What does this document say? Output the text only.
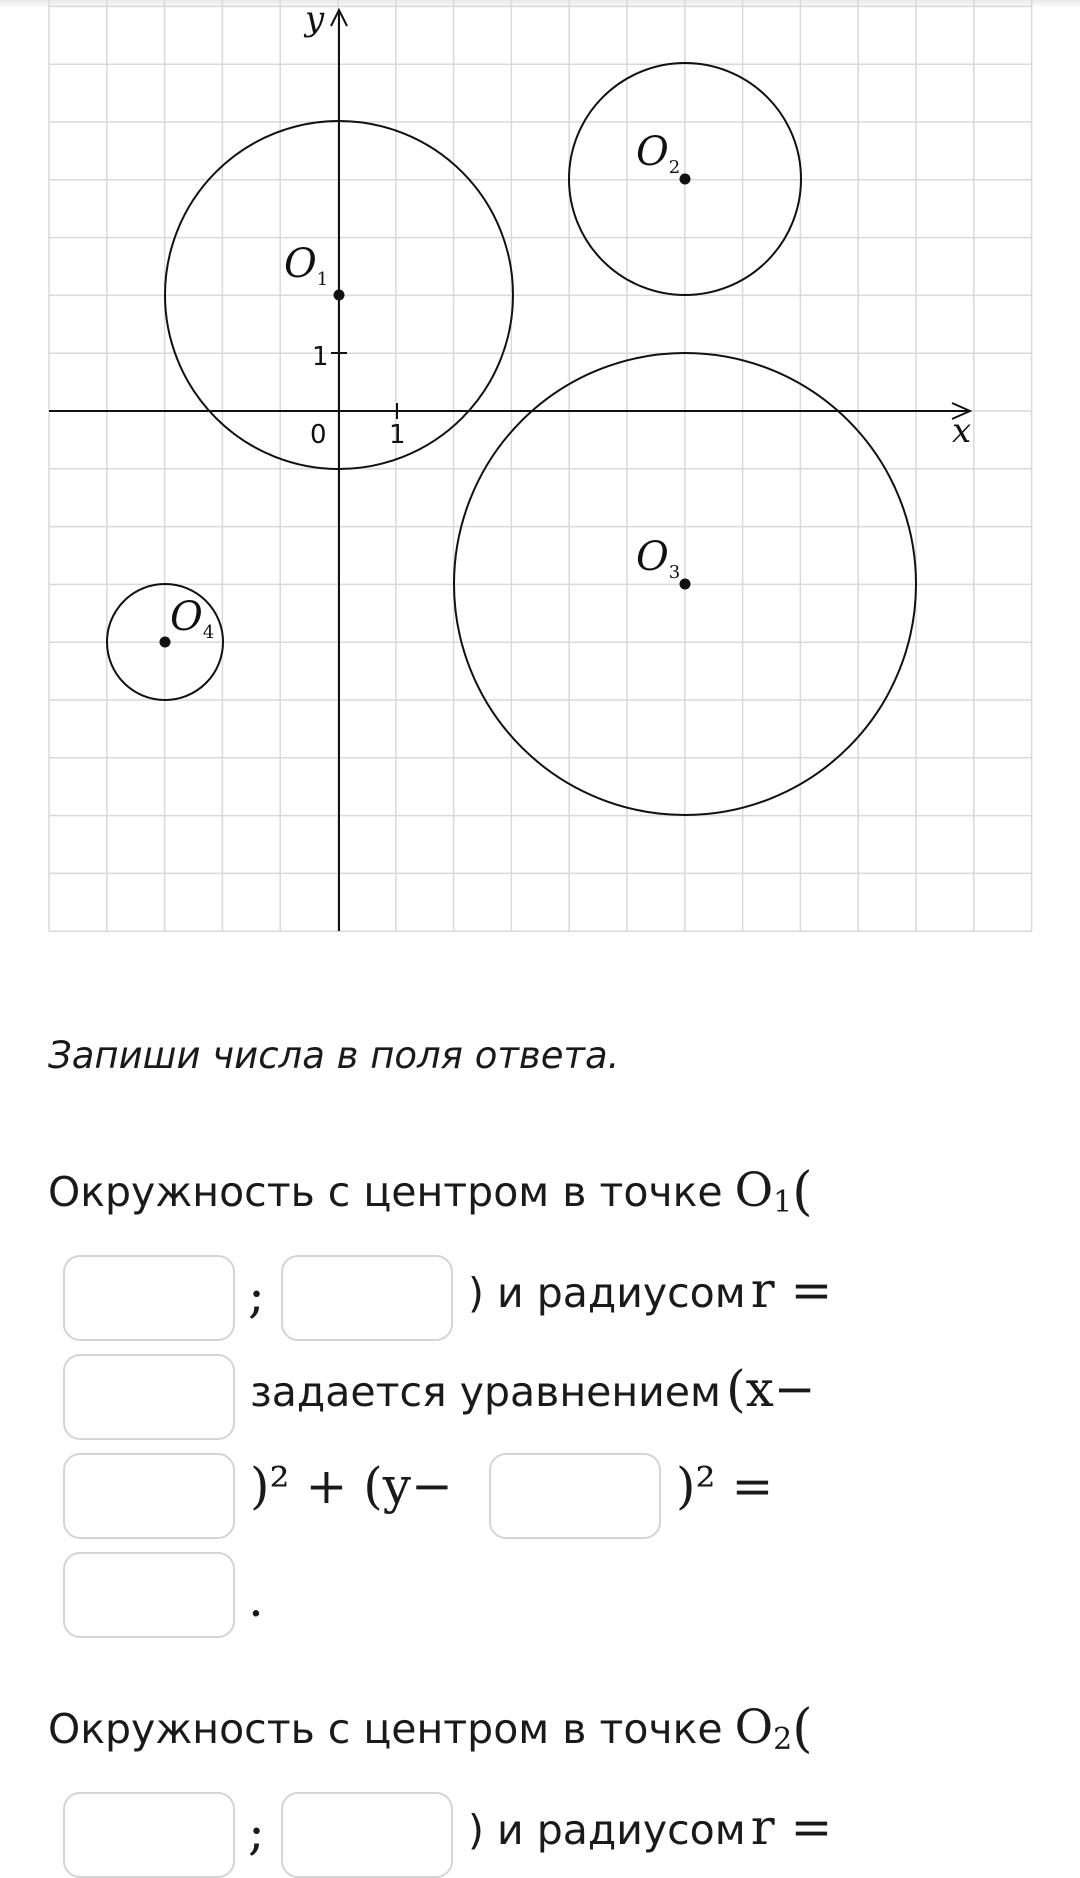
x
y
0 1
1
O1
O2
O3
O4
Запиши числа в поля ответа.
Окружность с центром в точке $O_1$ (
;	) и радиусом r =
задается уравнением (x−
)² + (y−	)² =
.
Окружность с центром в точке $O_2$ (
;	) и радиусом r =
